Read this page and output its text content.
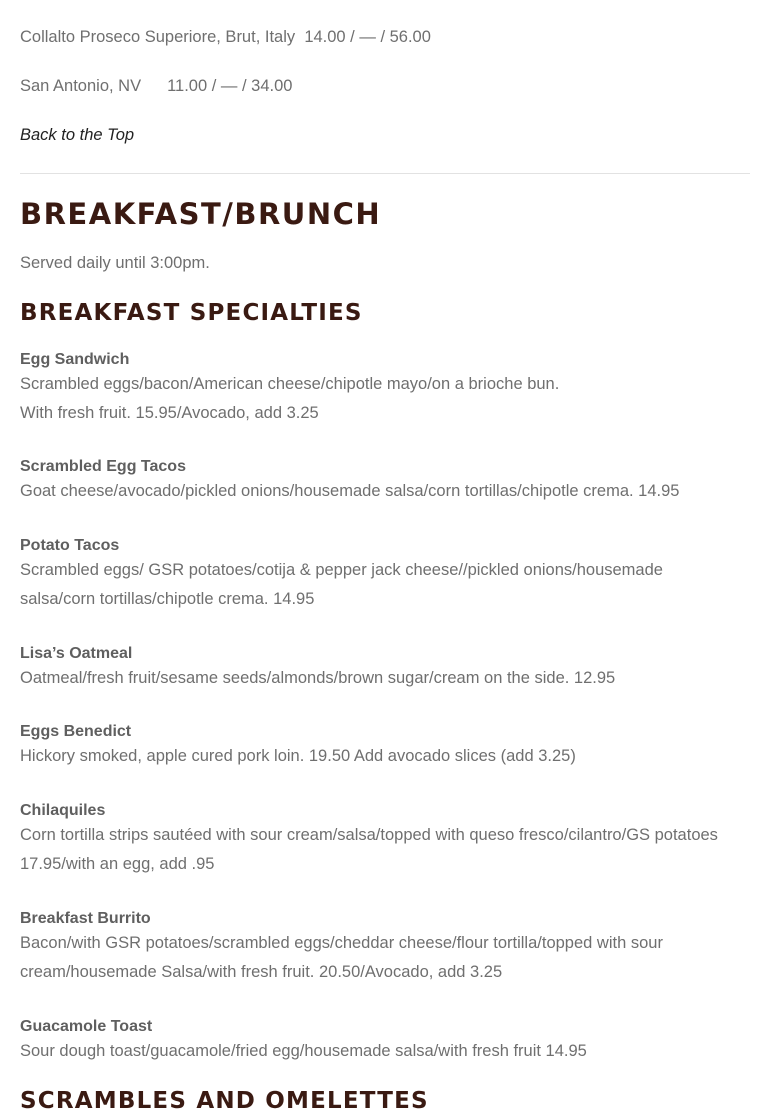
Collalto Proseco Superiore, Brut, Italy 14.00 / — / 56.00
San Antonio, NV 11.00 / — / 34.00
Back to the Top
BREAKFAST/BRUNCH
Served daily until 3:00pm.
BREAKFAST SPECIALTIES
Egg Sandwich
Scrambled eggs/bacon/American cheese/chipotle mayo/on a brioche bun.
With fresh fruit. 15.95/Avocado, add 3.25
Scrambled Egg Tacos
Goat cheese/avocado/pickled onions/housemade salsa/corn tortillas/chipotle crema. 14.95
Potato Tacos
Scrambled eggs/ GSR potatoes/cotija & pepper jack cheese//pickled onions/housemade
salsa/corn tortillas/chipotle crema. 14.95
Lisa’s Oatmeal
Oatmeal/fresh fruit/sesame seeds/almonds/brown sugar/cream on the side. 12.95
Eggs Benedict
Hickory smoked, apple cured pork loin. 19.50 Add avocado slices (add 3.25)
Chilaquiles
Corn tortilla strips sautéed with sour cream/salsa/topped with queso fresco/cilantro/GS potatoes
17.95/with an egg, add .95
Breakfast Burrito
Bacon/with GSR potatoes/scrambled eggs/cheddar cheese/flour tortilla/topped with sour
cream/housemade Salsa/with fresh fruit. 20.50/Avocado, add 3.25
Guacamole Toast
Sour dough toast/guacamole/fried egg/housemade salsa/with fresh fruit 14.95
SCRAMBLES AND OMELETTES
